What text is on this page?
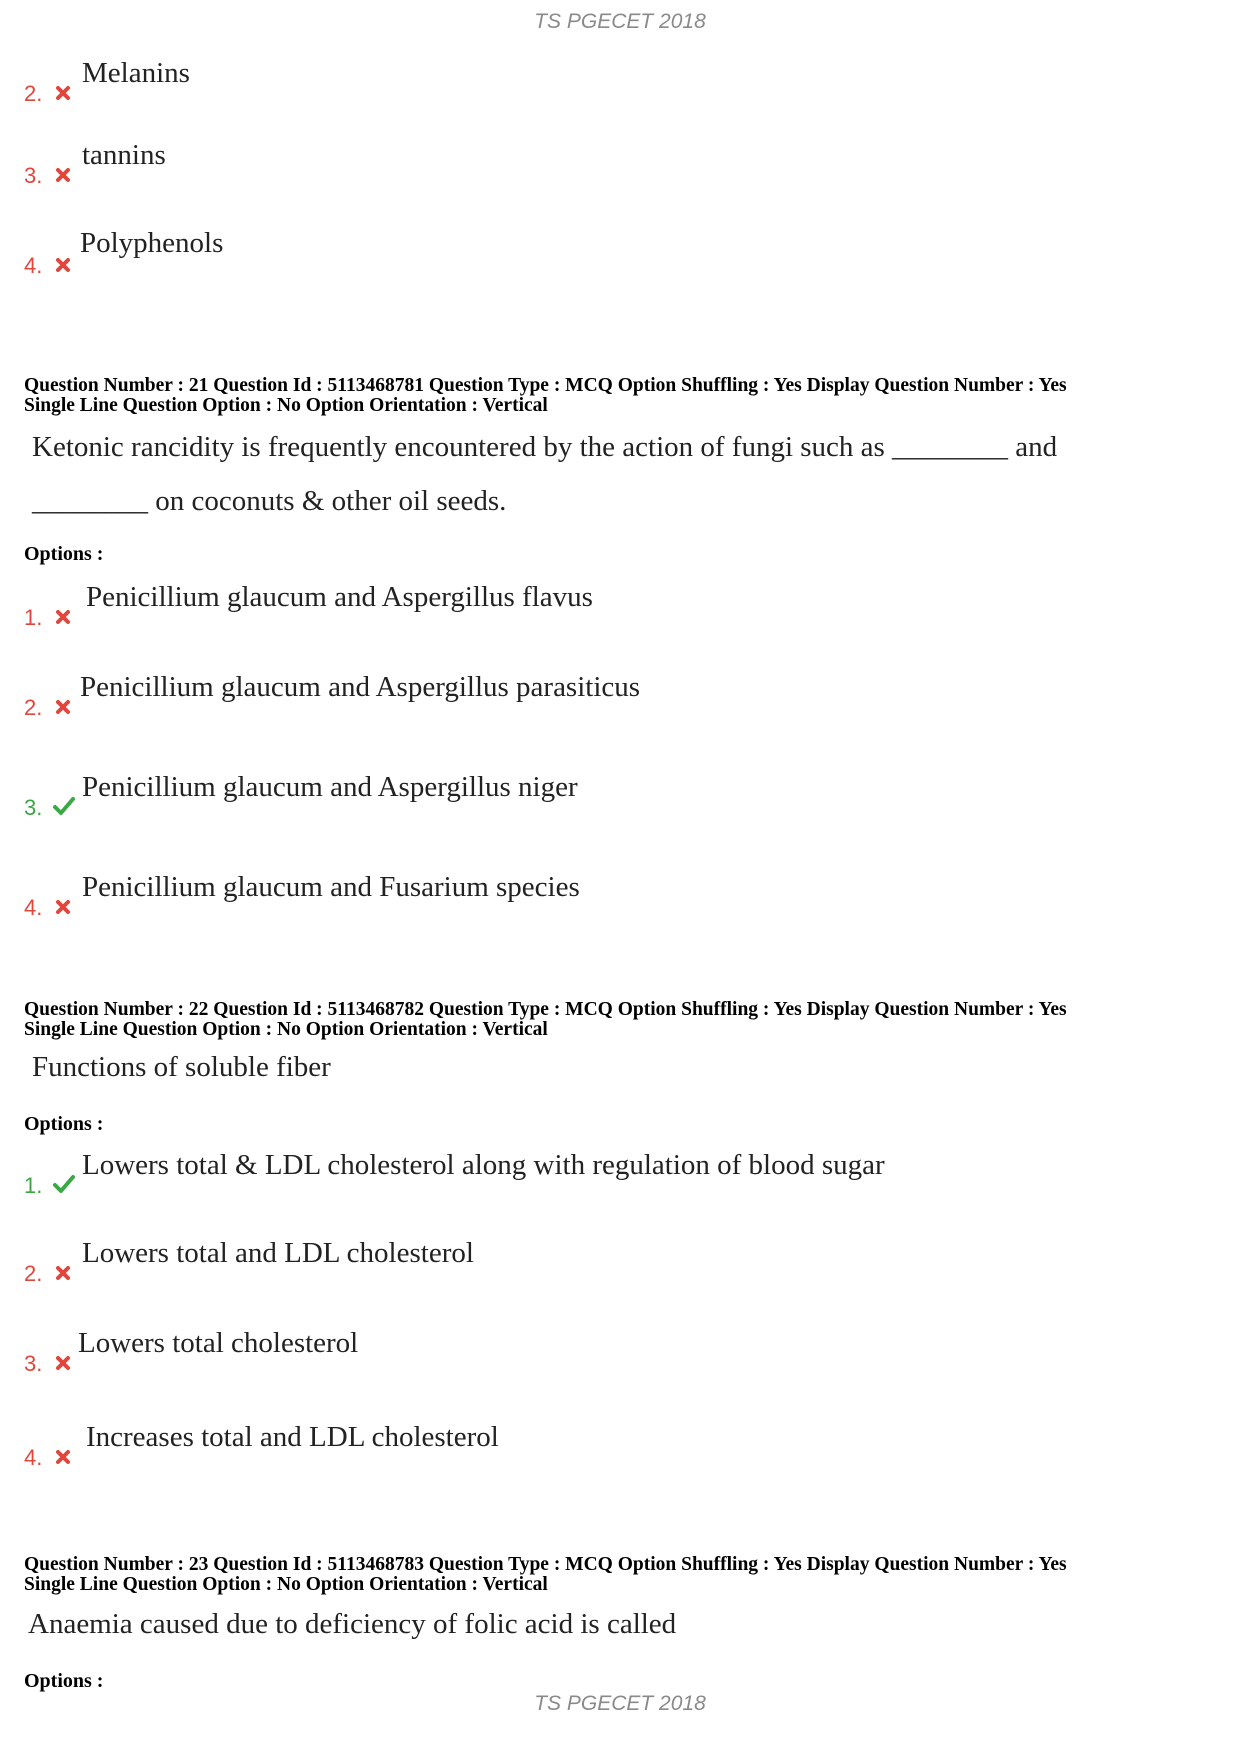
TS PGECET 2018
2.
Melanins
3.
tannins
4.
Polyphenols
Question Number : 21 Question Id : 5113468781 Question Type : MCQ Option Shuffling : Yes Display Question Number : Yes
Single Line Question Option : No Option Orientation : Vertical
Ketonic rancidity is frequently encountered by the action of fungi such as ________ and ________ on coconuts & other oil seeds.
Options :
1.
Penicillium glaucum and Aspergillus flavus
2.
Penicillium glaucum and Aspergillus parasiticus
3.
Penicillium glaucum and Aspergillus niger
4.
Penicillium glaucum and Fusarium species
Question Number : 22 Question Id : 5113468782 Question Type : MCQ Option Shuffling : Yes Display Question Number : Yes
Single Line Question Option : No Option Orientation : Vertical
Functions of soluble fiber
Options :
1.
Lowers total & LDL cholesterol along with regulation of blood sugar
2.
Lowers total and LDL cholesterol
3.
Lowers total cholesterol
4.
Increases total and LDL cholesterol
Question Number : 23 Question Id : 5113468783 Question Type : MCQ Option Shuffling : Yes Display Question Number : Yes
Single Line Question Option : No Option Orientation : Vertical
Anaemia caused due to deficiency of folic acid is called
Options :
TS PGECET 2018
